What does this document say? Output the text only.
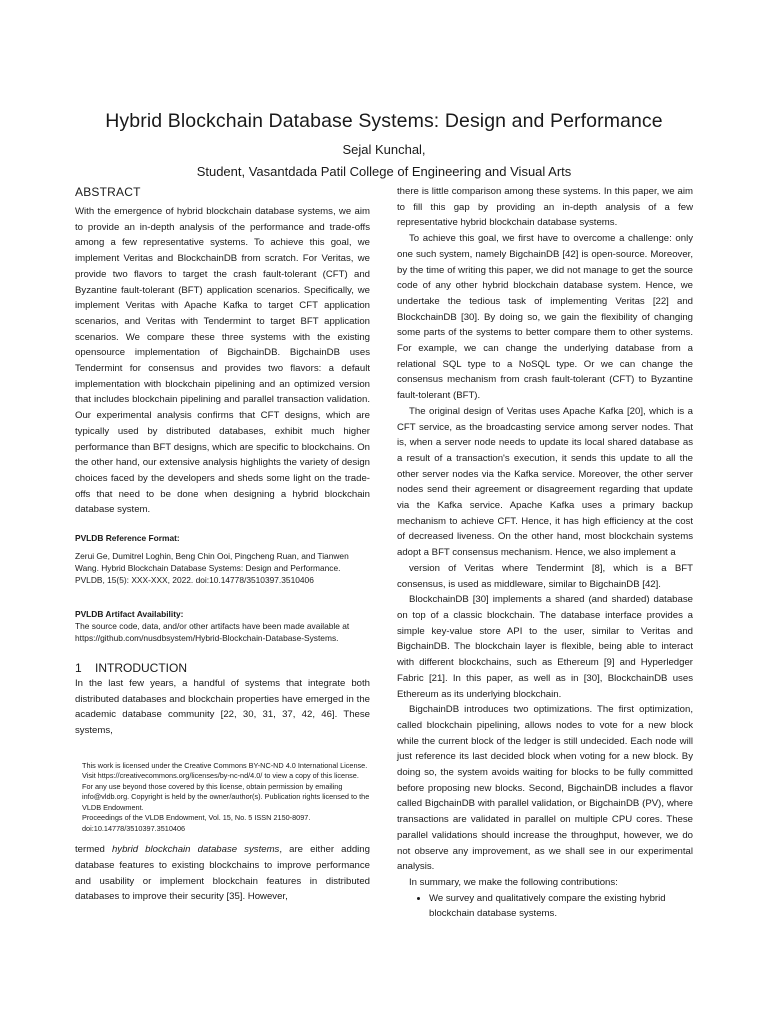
Hybrid Blockchain Database Systems: Design and Performance
Sejal Kunchal,
Student, Vasantdada Patil College of Engineering and Visual Arts
ABSTRACT

With the emergence of hybrid blockchain database systems, we aim to provide an in-depth analysis of the performance and trade-offs among a few representative systems. To achieve this goal, we implement Veritas and BlockchainDB from scratch. For Veritas, we provide two flavors to target the crash fault-tolerant (CFT) and Byzantine fault-tolerant (BFT) application scenarios. Specifically, we implement Veritas with Apache Kafka to target CFT application scenarios, and Veritas with Tendermint to target BFT application scenarios. We compare these three systems with the existing opensource implementation of BigchainDB. BigchainDB uses Tendermint for consensus and provides two flavors: a default implementation with blockchain pipelining and an optimized version that includes blockchain pipelining and parallel transaction validation. Our experimental analysis confirms that CFT designs, which are typically used by distributed databases, exhibit much higher performance than BFT designs, which are specific to blockchains. On the other hand, our extensive analysis highlights the variety of design choices faced by the developers and sheds some light on the trade-offs that need to be done when designing a hybrid blockchain database system.

PVLDB Reference Format:

Zerui Ge, Dumitrel Loghin, Beng Chin Ooi, Pingcheng Ruan, and Tianwen Wang. Hybrid Blockchain Database Systems: Design and Performance.

PVLDB, 15(5): XXX-XXX, 2022. doi:10.14778/3510397.3510406

PVLDB Artifact Availability:

The source code, data, and/or other artifacts have been made available at https://github.com/nusdbsystem/Hybrid-Blockchain-Database-Systems.

1 INTRODUCTION

In the last few years, a handful of systems that integrate both distributed databases and blockchain properties have emerged in the academic database community [22, 30, 31, 37, 42, 46]. These systems,

This work is licensed under the Creative Commons BY-NC-ND 4.0 International License. Visit https://creativecommons.org/licenses/by-nc-nd/4.0/ to view a copy of this license. For any use beyond those covered by this license, obtain permission by emailing info@vldb.org. Copyright is held by the owner/author(s). Publication rights licensed to the VLDB Endowment.
Proceedings of the VLDB Endowment, Vol. 15, No. 5 ISSN 2150-8097.
doi:10.14778/3510397.3510406

termed hybrid blockchain database systems, are either adding database features to existing blockchains to improve performance and usability or implement blockchain features in distributed databases to improve their security [35]. However,

there is little comparison among these systems. In this paper, we aim to fill this gap by providing an in-depth analysis of a few representative hybrid blockchain database systems.

To achieve this goal, we first have to overcome a challenge: only one such system, namely BigchainDB [42] is open-source. Moreover, by the time of writing this paper, we did not manage to get the source code of any other hybrid blockchain database system. Hence, we undertake the tedious task of implementing Veritas [22] and BlockchainDB [30]. By doing so, we gain the flexibility of changing some parts of the systems to better compare them to other systems. For example, we can change the underlying database from a relational SQL type to a NoSQL type. Or we can change the consensus mechanism from crash fault-tolerant (CFT) to Byzantine fault-tolerant (BFT).

The original design of Veritas uses Apache Kafka [20], which is a CFT service, as the broadcasting service among server nodes. That is, when a server node needs to update its local shared database as a result of a transaction's execution, it sends this update to all the other server nodes via the Kafka service. Moreover, the other server nodes send their agreement or disagreement regarding that update via the Kafka service. Apache Kafka uses a primary backup mechanism to achieve CFT. Hence, it has high efficiency at the cost of decreased liveness. On the other hand, most blockchain systems adopt a BFT consensus mechanism. Hence, we also implement a

version of Veritas where Tendermint [8], which is a BFT consensus, is used as middleware, similar to BigchainDB [42].

BlockchainDB [30] implements a shared (and sharded) database on top of a classic blockchain. The database interface provides a simple key-value store API to the user, similar to Veritas and BigchainDB. The blockchain layer is flexible, being able to interact with different blockchains, such as Ethereum [9] and Hyperledger Fabric [21]. In this paper, as well as in [30], BlockchainDB uses Ethereum as its underlying blockchain.

BigchainDB introduces two optimizations. The first optimization, called blockchain pipelining, allows nodes to vote for a new block while the current block of the ledger is still undecided. Each node will just reference its last decided block when voting for a new block. By doing so, the system avoids waiting for blocks to be fully committed before proposing new blocks. Second, BigchainDB includes a flavor called BigchainDB with parallel validation, or BigchainDB (PV), where transactions are validated in parallel on multiple CPU cores. These parallel validations should increase the throughput, however, we do not observe any improvement, as we shall see in our experimental analysis.

In summary, we make the following contributions:

• We survey and qualitatively compare the existing hybrid blockchain database systems.
